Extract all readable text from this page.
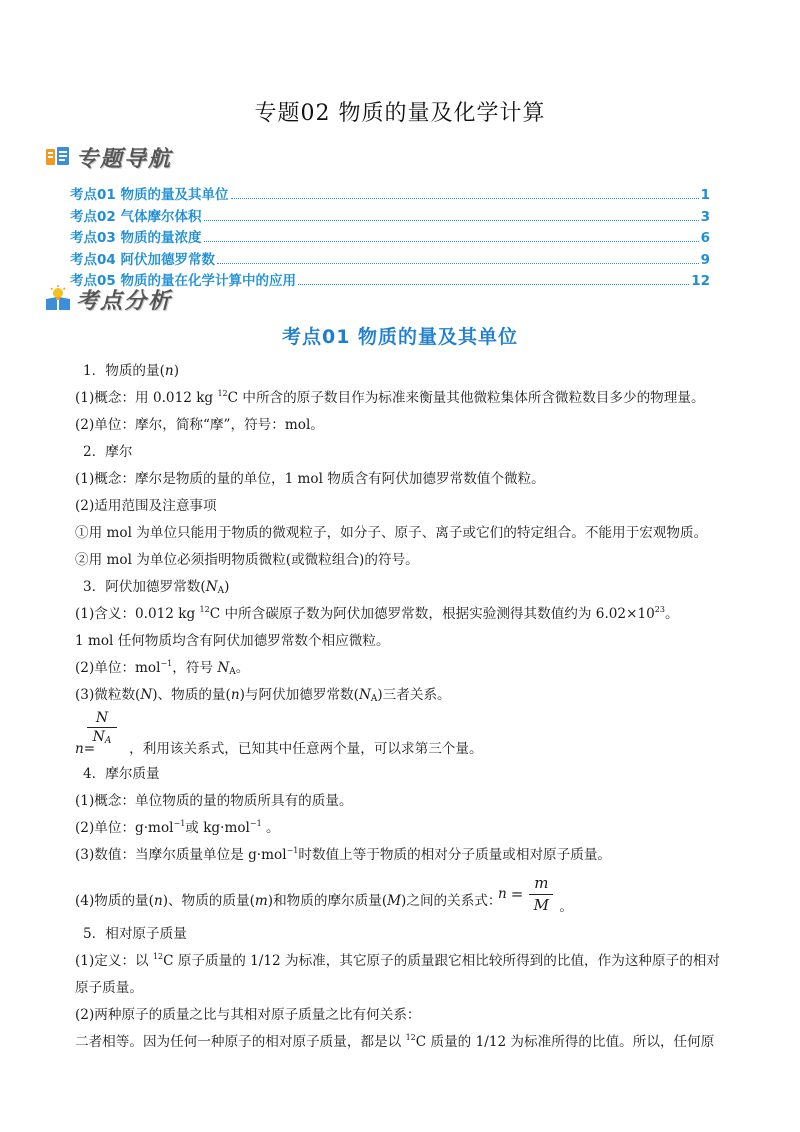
专题02 物质的量及化学计算
专题导航
考点01 物质的量及其单位	1
考点02 气体摩尔体积	3
考点03 物质的量浓度	6
考点04 阿伏加德罗常数	9
考点05 物质的量在化学计算中的应用	12
考点分析
考点01 物质的量及其单位
1．物质的量(n)
(1)概念：用 0.012 kg $^{12}$C 中所含的原子数目作为标准来衡量其他微粒集体所含微粒数目多少的物理量。
(2)单位：摩尔，简称“摩”，符号：mol。
2．摩尔
(1)概念：摩尔是物质的量的单位，1 mol 物质含有阿伏加德罗常数值个微粒。
(2)适用范围及注意事项
①用 mol 为单位只能用于物质的微观粒子，如分子、原子、离子或它们的特定组合。不能用于宏观物质。
②用 mol 为单位必须指明物质微粒(或微粒组合)的符号。
3．阿伏加德罗常数$(N_A)$
(1)含义：0.012 kg $^{12}$C 中所含碳原子数为阿伏加德罗常数，根据实验测得其数值约为 $6.02\times 10^{23}$。
1 mol 任何物质均含有阿伏加德罗常数个相应微粒。
(2)单位：mol$^{-1}$，符号 $N_A$。
(3)微粒数(N)、物质的量(n)与阿伏加德罗常数$(N_A)$三者关系。
N
$N_A$
n=	，利用该关系式，已知其中任意两个量，可以求第三个量。
4．摩尔质量
(1)概念：单位物质的量的物质所具有的质量。
(2)单位：g·mol$^{-1}$或 kg·mol$^{-1}$ 。
(3)数值：当摩尔质量单位是 g·mol$^{-1}$时数值上等于物质的相对分子质量或相对原子质量。
(4)物质的量(n)、物质的质量(m)和物质的摩尔质量(M)之间的关系式：
n =
m
M 。
5．相对原子质量
(1)定义：以 $^{12}$C 原子质量的 1/12 为标准，其它原子的质量跟它相比较所得到的比值，作为这种原子的相对
原子质量。
(2)两种原子的质量之比与其相对原子质量之比有何关系：
二者相等。因为任何一种原子的相对原子质量，都是以 $^{12}$C 质量的 1/12 为标准所得的比值。所以，任何原
